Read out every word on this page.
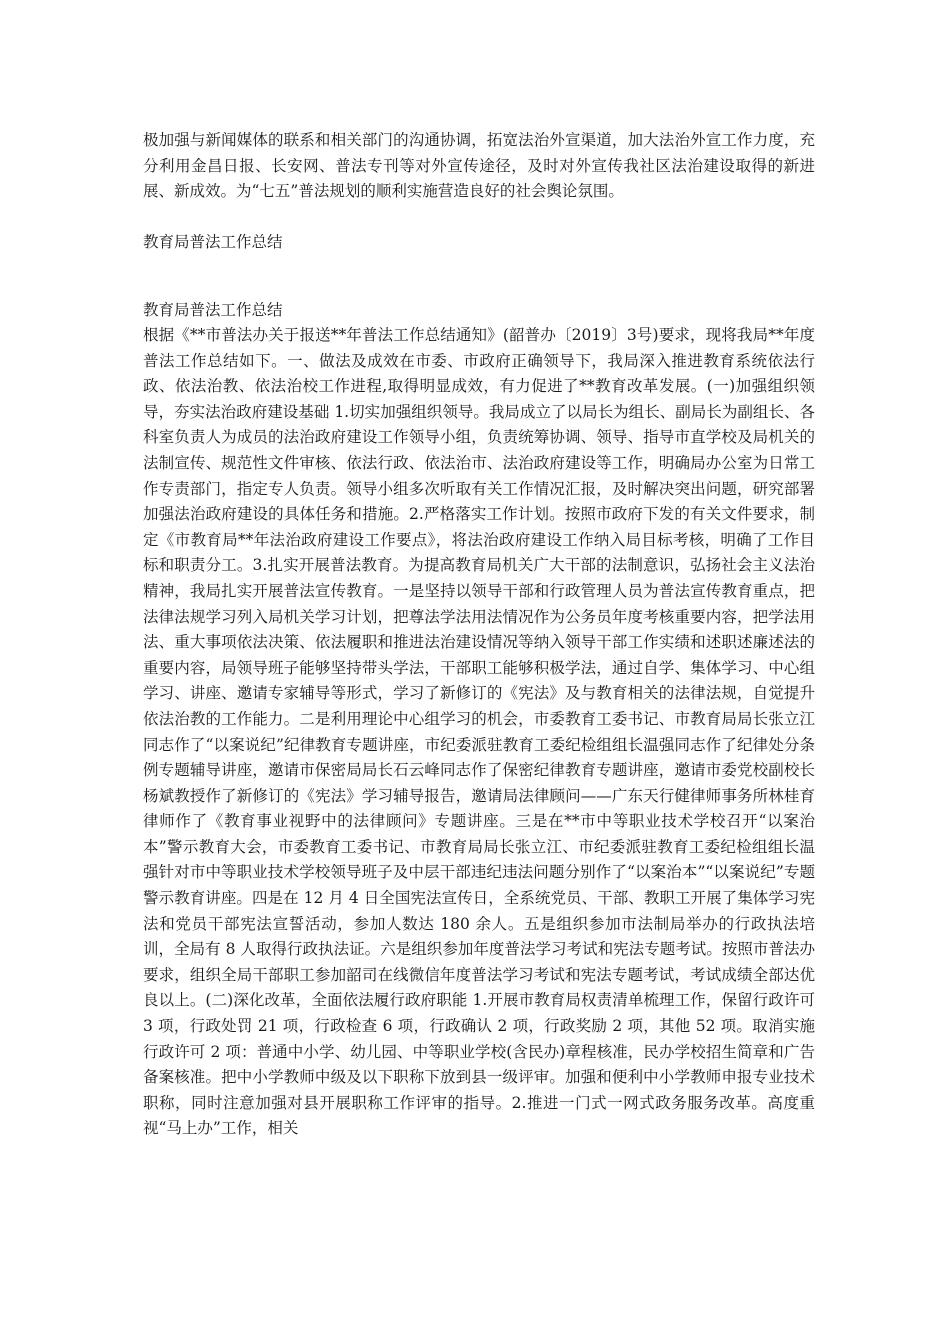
极加强与新闻媒体的联系和相关部门的沟通协调，拓宽法治外宣渠道，加大法治外宣工作力度，充分利用金昌日报、长安网、普法专刊等对外宣传途径，及时对外宣传我社区法治建设取得的新进展、新成效。为“七五”普法规划的顺利实施营造良好的社会舆论氛围。

教育局普法工作总结

教育局普法工作总结

根据《**市普法办关于报送**年普法工作总结通知》(韶普办〔2019〕3号)要求，现将我局**年度普法工作总结如下。一、做法及成效在市委、市政府正确领导下，我局深入推进教育系统依法行政、依法治教、依法治校工作进程,取得明显成效，有力促进了**教育改革发展。(一)加强组织领导，夯实法治政府建设基础 1.切实加强组织领导。我局成立了以局长为组长、副局长为副组长、各科室负责人为成员的法治政府建设工作领导小组，负责统筹协调、领导、指导市直学校及局机关的法制宣传、规范性文件审核、依法行政、依法治市、法治政府建设等工作，明确局办公室为日常工作专责部门，指定专人负责。领导小组多次听取有关工作情况汇报，及时解决突出问题，研究部署加强法治政府建设的具体任务和措施。2.严格落实工作计划。按照市政府下发的有关文件要求，制定《市教育局**年法治政府建设工作要点》，将法治政府建设工作纳入局目标考核，明确了工作目标和职责分工。3.扎实开展普法教育。为提高教育局机关广大干部的法制意识，弘扬社会主义法治精神，我局扎实开展普法宣传教育。一是坚持以领导干部和行政管理人员为普法宣传教育重点，把法律法规学习列入局机关学习计划，把尊法学法用法情况作为公务员年度考核重要内容，把学法用法、重大事项依法决策、依法履职和推进法治建设情况等纳入领导干部工作实绩和述职述廉述法的重要内容，局领导班子能够坚持带头学法，干部职工能够积极学法，通过自学、集体学习、中心组学习、讲座、邀请专家辅导等形式，学习了新修订的《宪法》及与教育相关的法律法规，自觉提升依法治教的工作能力。二是利用理论中心组学习的机会，市委教育工委书记、市教育局局长张立江同志作了“以案说纪”纪律教育专题讲座，市纪委派驻教育工委纪检组组长温强同志作了纪律处分条例专题辅导讲座，邀请市保密局局长石云峰同志作了保密纪律教育专题讲座，邀请市委党校副校长杨斌教授作了新修订的《宪法》学习辅导报告，邀请局法律顾问——广东天行健律师事务所林桂育律师作了《教育事业视野中的法律顾问》专题讲座。三是在**市中等职业技术学校召开“以案治本”警示教育大会，市委教育工委书记、市教育局局长张立江、市纪委派驻教育工委纪检组组长温强针对市中等职业技术学校领导班子及中层干部违纪违法问题分别作了“以案治本”“以案说纪”专题警示教育讲座。四是在 12 月 4 日全国宪法宣传日，全系统党员、干部、教职工开展了集体学习宪法和党员干部宪法宣誓活动，参加人数达 180 余人。五是组织参加市法制局举办的行政执法培训，全局有 8 人取得行政执法证。六是组织参加年度普法学习考试和宪法专题考试。按照市普法办要求，组织全局干部职工参加韶司在线微信年度普法学习考试和宪法专题考试，考试成绩全部达优良以上。(二)深化改革，全面依法履行政府职能 1.开展市教育局权责清单梳理工作，保留行政许可 3 项，行政处罚 21 项，行政检查 6 项，行政确认 2 项，行政奖励 2 项，其他 52 项。取消实施行政许可 2 项：普通中小学、幼儿园、中等职业学校(含民办)章程核准，民办学校招生简章和广告备案核准。把中小学教师中级及以下职称下放到县一级评审。加强和便利中小学教师申报专业技术职称，同时注意加强对县开展职称工作评审的指导。2.推进一门式一网式政务服务改革。高度重视“马上办”工作，相关
